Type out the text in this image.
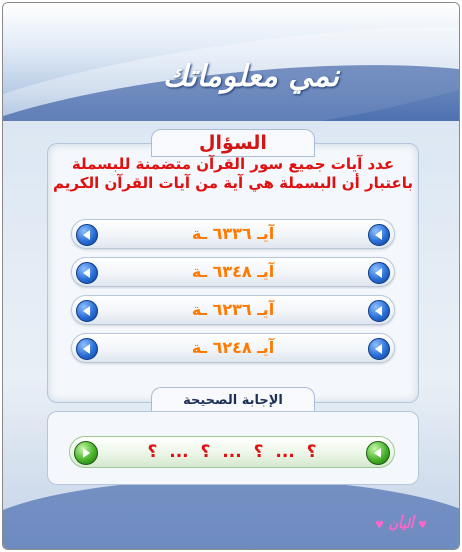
نمي معلوماتك
السؤال
عدد آيات جميع سور القرآن متضمنة للبسملة
باعتبار أن البسملة هي آية من آيات القرآن الكريم
آيـ ٦٣٣٦ ـة
آيـ ٦٣٤٨ ـة
آيـ ٦٢٣٦ ـة
آيـ ٦٢٤٨ ـة
الإجابة الصحيحة
؟ ... ؟ ... ؟ ... ؟
♥ أليأن ♥
